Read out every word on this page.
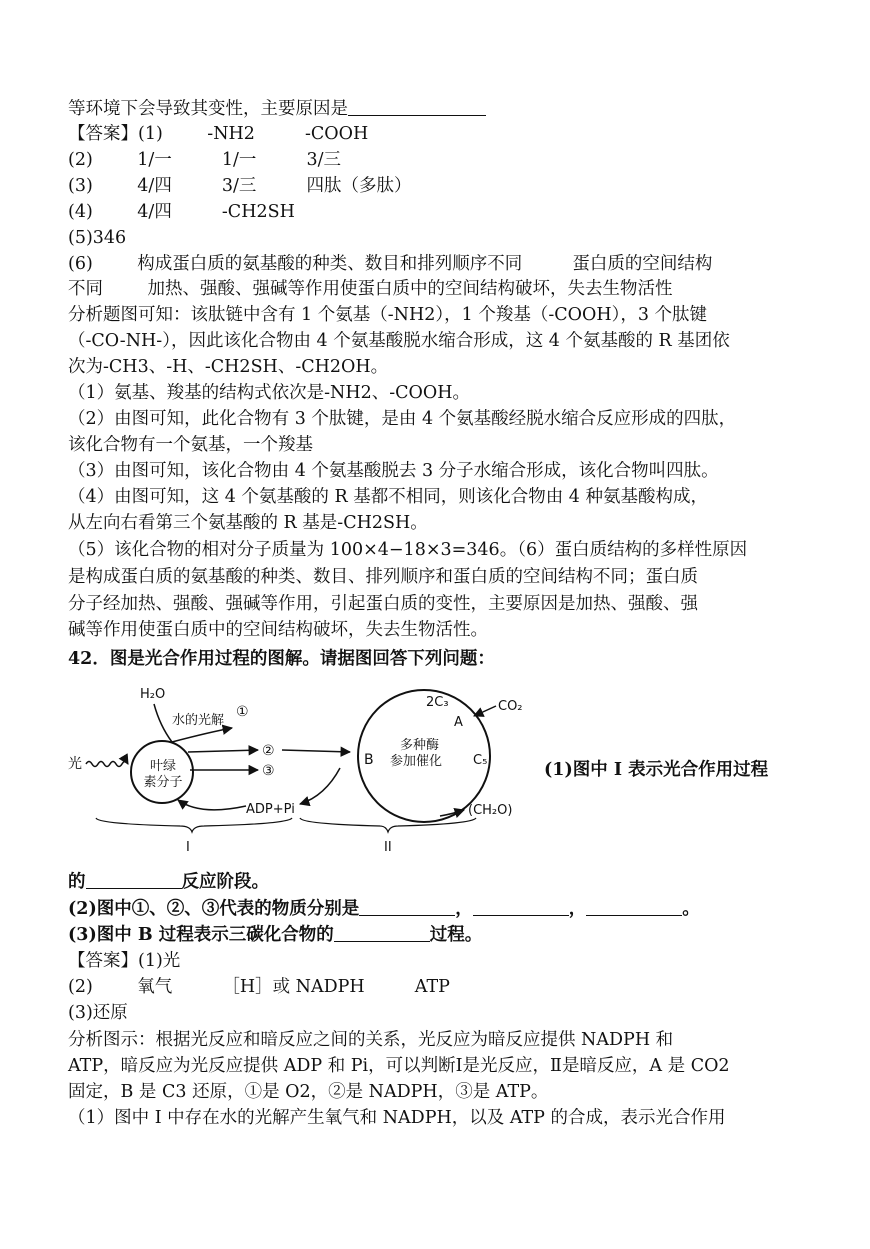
等环境下会导致其变性，主要原因是
【答案】(1)        -NH2         -COOH
(2)        1/一         1/一         3/三
(3)        4/四         3/三         四肽（多肽）
(4)        4/四         -CH2SH
(5)346
(6)        构成蛋白质的氨基酸的种类、数目和排列顺序不同         蛋白质的空间结构
不同        加热、强酸、强碱等作用使蛋白质中的空间结构破坏，失去生物活性
分析题图可知：该肽链中含有 1 个氨基（-NH2），1 个羧基（-COOH），3 个肽键
（-CO-NH-），因此该化合物由 4 个氨基酸脱水缩合形成，这 4 个氨基酸的 R 基团依
次为-CH3、-H、-CH2SH、-CH2OH。
（1）氨基、羧基的结构式依次是-NH2、-COOH。
（2）由图可知，此化合物有 3 个肽键，是由 4 个氨基酸经脱水缩合反应形成的四肽，
该化合物有一个氨基，一个羧基
（3）由图可知，该化合物由 4 个氨基酸脱去 3 分子水缩合形成，该化合物叫四肽。
（4）由图可知，这 4 个氨基酸的 R 基都不相同，则该化合物由 4 种氨基酸构成，
从左向右看第三个氨基酸的 R 基是-CH2SH。
（5）该化合物的相对分子质量为 100×4−18×3=346。（6）蛋白质结构的多样性原因
是构成蛋白质的氨基酸的种类、数目、排列顺序和蛋白质的空间结构不同；蛋白质
分子经加热、强酸、强碱等作用，引起蛋白质的变性，主要原因是加热、强酸、强
碱等作用使蛋白质中的空间结构破坏，失去生物活性。
42．图是光合作用过程的图解。请据图回答下列问题：
叶绿
素分子
光
H₂O
水的光解
①
②
③
ADP+Pi
B
多种酶
参加催化
2C₃
A
CO₂
C₅
(CH₂O)
I	II
(1)图中 I 表示光合作用过程
的	反应阶段。
(2)图中①、②、③代表的物质分别是	，	，	。
(3)图中 B 过程表示三碳化合物的	过程。
【答案】(1)光
(2)        氧气         ［H］或 NADPH         ATP
(3)还原
分析图示：根据光反应和暗反应之间的关系，光反应为暗反应提供 NADPH 和
ATP，暗反应为光反应提供 ADP 和 Pi，可以判断Ⅰ是光反应，Ⅱ是暗反应，A 是 CO2
固定，B 是 C3 还原，①是 O2，②是 NADPH，③是 ATP。
（1）图中 I 中存在水的光解产生氧气和 NADPH，以及 ATP 的合成，表示光合作用
